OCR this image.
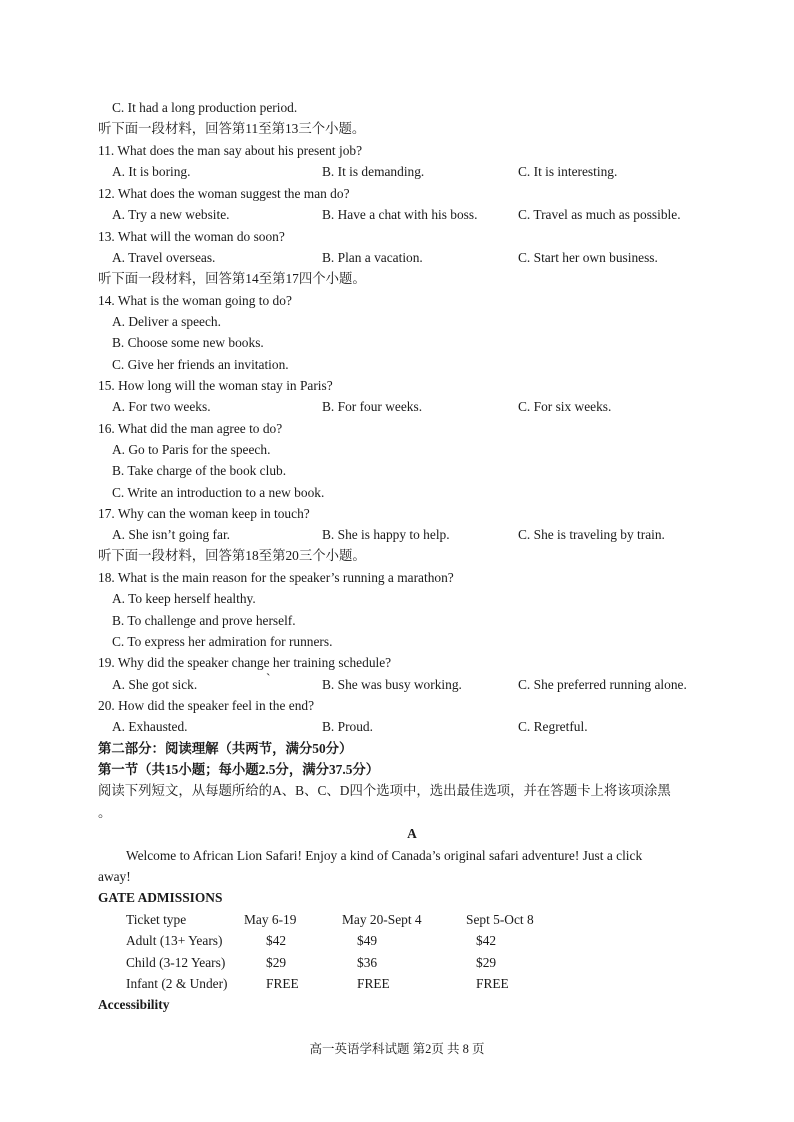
C. It had a long production period.
听下面一段材料，回答第11至第13三个小题。
11. What does the man say about his present job?
A. It is boring.	B. It is demanding.	C. It is interesting.
12. What does the woman suggest the man do?
A. Try a new website.	B. Have a chat with his boss.	C. Travel as much as possible.
13. What will the woman do soon?
A. Travel overseas.	B. Plan a vacation.	C. Start her own business.
听下面一段材料，回答第14至第17四个小题。
14. What is the woman going to do?
A. Deliver a speech.
B. Choose some new books.
C. Give her friends an invitation.
15. How long will the woman stay in Paris?
A. For two weeks.	B. For four weeks.	C. For six weeks.
16. What did the man agree to do?
A. Go to Paris for the speech.
B. Take charge of the book club.
C. Write an introduction to a new book.
17. Why can the woman keep in touch?
A. She isn’t going far.	B. She is happy to help.	C. She is traveling by train.
听下面一段材料，回答第18至第20三个小题。
18. What is the main reason for the speaker’s running a marathon?
A. To keep herself healthy.
B. To challenge and prove herself.
C. To express her admiration for runners.
19. Why did the speaker change her training schedule?
A. She got sick.	`	B. She was busy working.	C. She preferred running alone.
20. How did the speaker feel in the end?
A. Exhausted.	B. Proud.	C. Regretful.
第二部分：阅读理解（共两节，满分50分）
第一节（共15小题；每小题2.5分，满分37.5分）
阅读下列短文，从每题所给的A、B、C、D四个选项中，选出最佳选项，并在答题卡上将该项涂黑
。
A
Welcome to African Lion Safari! Enjoy a kind of Canada’s original safari adventure! Just a click
away!
GATE ADMISSIONS
Ticket type	May 6-19	May 20-Sept 4	Sept 5-Oct 8
Adult (13+ Years)	$42	$49	$42
Child (3-12 Years)	$29	$36	$29
Infant (2 & Under)	FREE	FREE	FREE
Accessibility
高一英语学科试题 第2页 共 8 页
